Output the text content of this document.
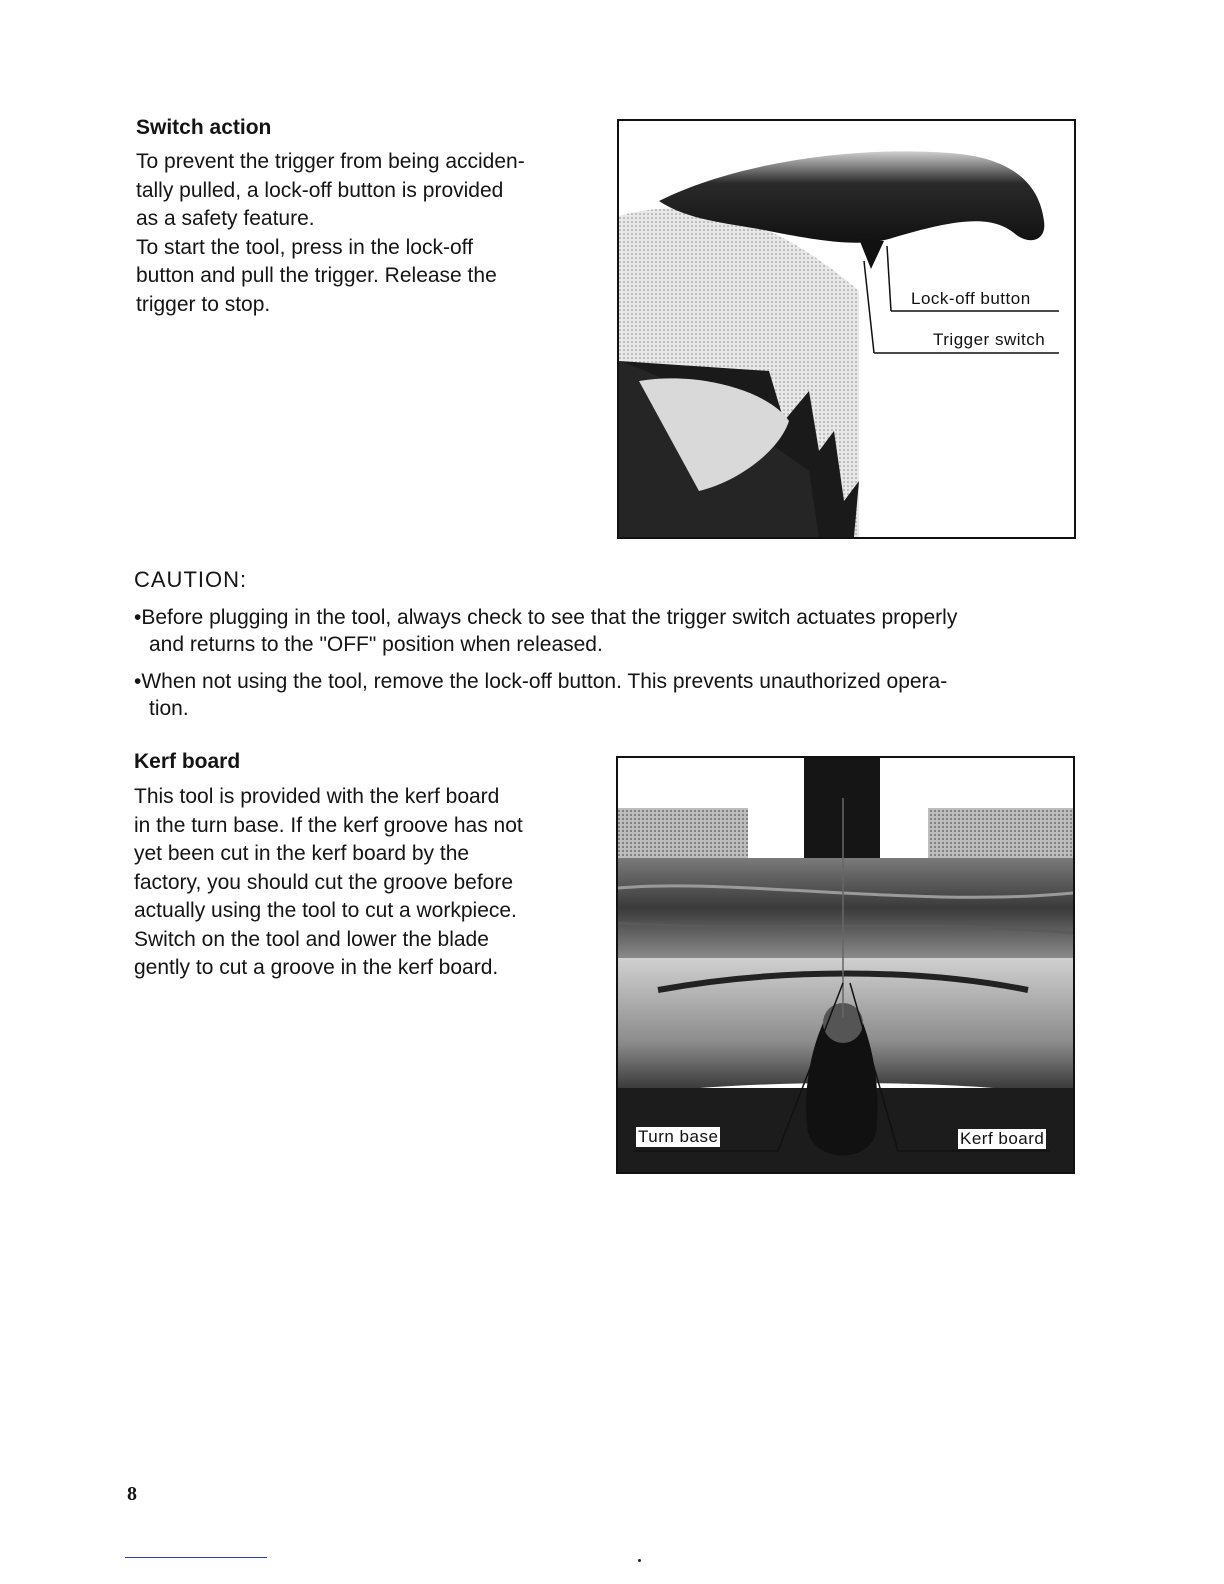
Switch action
To prevent the trigger from being acciden-
tally pulled, a lock-off button is provided
as a safety feature.
To start the tool, press in the lock-off
button and pull the trigger. Release the
trigger to stop.	Lock-off button
Trigger switch
CAUTION:
•Before plugging in the tool, always check to see that the trigger switch actuates properly
and returns to the "OFF" position when released.
•When not using the tool, remove the lock-off button. This prevents unauthorized opera-
tion.
Kerf board
This tool is provided with the kerf board
in the turn base. If the kerf groove has not
yet been cut in the kerf board by the
factory, you should cut the groove before
actually using the tool to cut a workpiece.
Switch on the tool and lower the blade
gently to cut a groove in the kerf board.
Turn base	Kerf board
8
